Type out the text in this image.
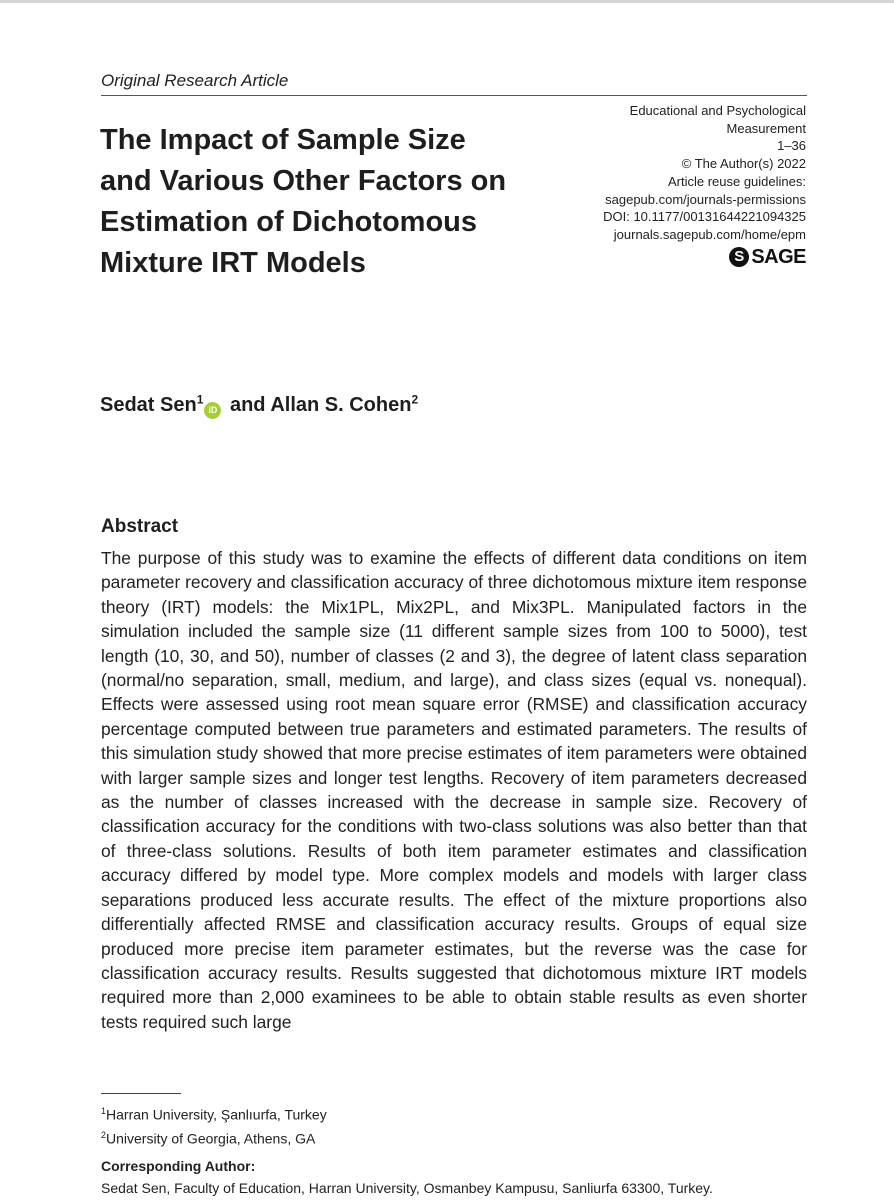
Original Research Article
The Impact of Sample Size and Various Other Factors on Estimation of Dichotomous Mixture IRT Models
Educational and Psychological
Measurement
1–36
© The Author(s) 2022
Article reuse guidelines:
sagepub.com/journals-permissions
DOI: 10.1177/00131644221094325
journals.sagepub.com/home/epm
S SAGE
Sedat Sen$^1$iD and Allan S. Cohen$^2$
Abstract

The purpose of this study was to examine the effects of different data conditions on item parameter recovery and classification accuracy of three dichotomous mixture item response theory (IRT) models: the Mix1PL, Mix2PL, and Mix3PL. Manipulated factors in the simulation included the sample size (11 different sample sizes from 100 to 5000), test length (10, 30, and 50), number of classes (2 and 3), the degree of latent class separation (normal/no separation, small, medium, and large), and class sizes (equal vs. nonequal). Effects were assessed using root mean square error (RMSE) and classification accuracy percentage computed between true parameters and estimated parameters. The results of this simulation study showed that more precise estimates of item parameters were obtained with larger sample sizes and longer test lengths. Recovery of item parameters decreased as the number of classes increased with the decrease in sample size. Recovery of classification accuracy for the conditions with two-class solutions was also better than that of three-class solutions. Results of both item parameter estimates and classification accuracy differed by model type. More complex models and models with larger class separations produced less accurate results. The effect of the mixture proportions also differentially affected RMSE and classification accuracy results. Groups of equal size produced more precise item parameter estimates, but the reverse was the case for classification accuracy results. Results suggested that dichotomous mixture IRT models required more than 2,000 examinees to be able to obtain stable results as even shorter tests required such large

$^1$Harran University, Şanlıurfa, Turkey
$^2$University of Georgia, Athens, GA
Corresponding Author:
Sedat Sen, Faculty of Education, Harran University, Osmanbey Kampusu, Sanliurfa 63300, Turkey.
